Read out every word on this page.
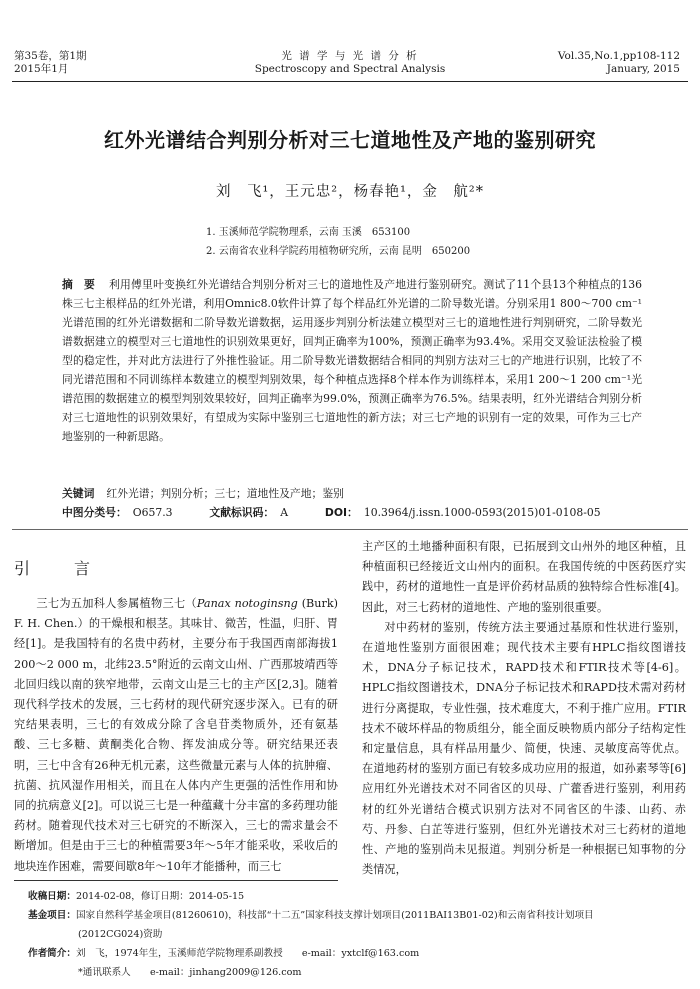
第35卷，第1期
2015年1月
光 谱 学 与 光 谱 分 析
Spectroscopy and Spectral Analysis
Vol.35,No.1,pp108-112
January, 2015
红外光谱结合判别分析对三七道地性及产地的鉴别研究
刘　飞¹，王元忠²，杨春艳¹，金　航²*
1. 玉溪师范学院物理系，云南 玉溪　653100
2. 云南省农业科学院药用植物研究所，云南 昆明　650200
摘　要 利用傅里叶变换红外光谱结合判别分析对三七的道地性及产地进行鉴别研究。测试了11个县13个种植点的136株三七主根样品的红外光谱，利用Omnic8.0软件计算了每个样品红外光谱的二阶导数光谱。分别采用1 800～700 cm⁻¹光谱范围的红外光谱数据和二阶导数光谱数据，运用逐步判别分析法建立模型对三七的道地性进行判别研究，二阶导数光谱数据建立的模型对三七道地性的识别效果更好，回判正确率为100%，预测正确率为93.4%。采用交叉验证法检验了模型的稳定性，并对此方法进行了外推性验证。用二阶导数光谱数据结合相同的判别方法对三七的产地进行识别，比较了不同光谱范围和不同训练样本数建立的模型判别效果，每个种植点选择8个样本作为训练样本，采用1 200～1 200 cm⁻¹光谱范围的数据建立的模型判别效果较好，回判正确率为99.0%，预测正确率为76.5%。结果表明，红外光谱结合判别分析对三七道地性的识别效果好，有望成为实际中鉴别三七道地性的新方法；对三七产地的识别有一定的效果，可作为三七产地鉴别的一种新思路。
关键词 红外光谱；判别分析；三七；道地性及产地；鉴别
中图分类号： O657.3	文献标识码： A	DOI： 10.3964/j.issn.1000-0593(2015)01-0108-05
引　言

三七为五加科人参属植物三七（Panax notoginsng (Burk) F. H. Chen.）的干燥根和根茎。其味甘、微苦，性温，归肝、胃经[1]。是我国特有的名贵中药材，主要分布于我国西南部海拔1 200～2 000 m，北纬23.5°附近的云南文山州、广西那坡靖西等北回归线以南的狭窄地带，云南文山是三七的主产区[2,3]。随着现代科学技术的发展，三七药材的现代研究逐步深入。已有的研究结果表明，三七的有效成分除了含皂苷类物质外，还有氨基酸、三七多糖、黄酮类化合物、挥发油成分等。研究结果还表明，三七中含有26种无机元素，这些微量元素与人体的抗肿瘤、抗菌、抗风湿作用相关，而且在人体内产生更强的活性作用和协同的抗病意义[2]。可以说三七是一种蕴藏十分丰富的多药理功能药材。随着现代技术对三七研究的不断深入，三七的需求量会不断增加。但是由于三七的种植需要3年～5年才能采收，采收后的地块连作困难，需要间歇8年～10年才能播种，而三七

主产区的土地播种面积有限，已拓展到文山州外的地区种植，且种植面积已经接近文山州内的面积。在我国传统的中医药医疗实践中，药材的道地性一直是评价药材品质的独特综合性标准[4]。因此，对三七药材的道地性、产地的鉴别很重要。

对中药材的鉴别，传统方法主要通过基原和性状进行鉴别，在道地性鉴别方面很困难；现代技术主要有HPLC指纹图谱技术，DNA分子标记技术，RAPD技术和FTIR技术等[4-6]。HPLC指纹图谱技术，DNA分子标记技术和RAPD技术需对药材进行分离提取，专业性强，技术难度大，不利于推广应用。FTIR技术不破坏样品的物质组分，能全面反映物质内部分子结构定性和定量信息，具有样品用量少、简便，快速、灵敏度高等优点。在道地药材的鉴别方面已有较多成功应用的报道，如孙素琴等[6]应用红外光谱技术对不同省区的贝母、广藿香进行鉴别，利用药材的红外光谱结合模式识别方法对不同省区的牛漆、山药、赤芍、丹参、白芷等进行鉴别，但红外光谱技术对三七药材的道地性、产地的鉴别尚未见报道。判别分析是一种根据已知事物的分类情况，

收稿日期：2014-02-08，修订日期：2014-05-15
基金项目：国家自然科学基金项目(81260610)，科技部“十二五”国家科技支撑计划项目(2011BAI13B01-02)和云南省科技计划项目
(2012CG024)资助
作者简介：刘　飞，1974年生，玉溪师范学院物理系副教授　　e-mail：yxtclf@163.com
*通讯联系人　　e-mail：jinhang2009@126.com
